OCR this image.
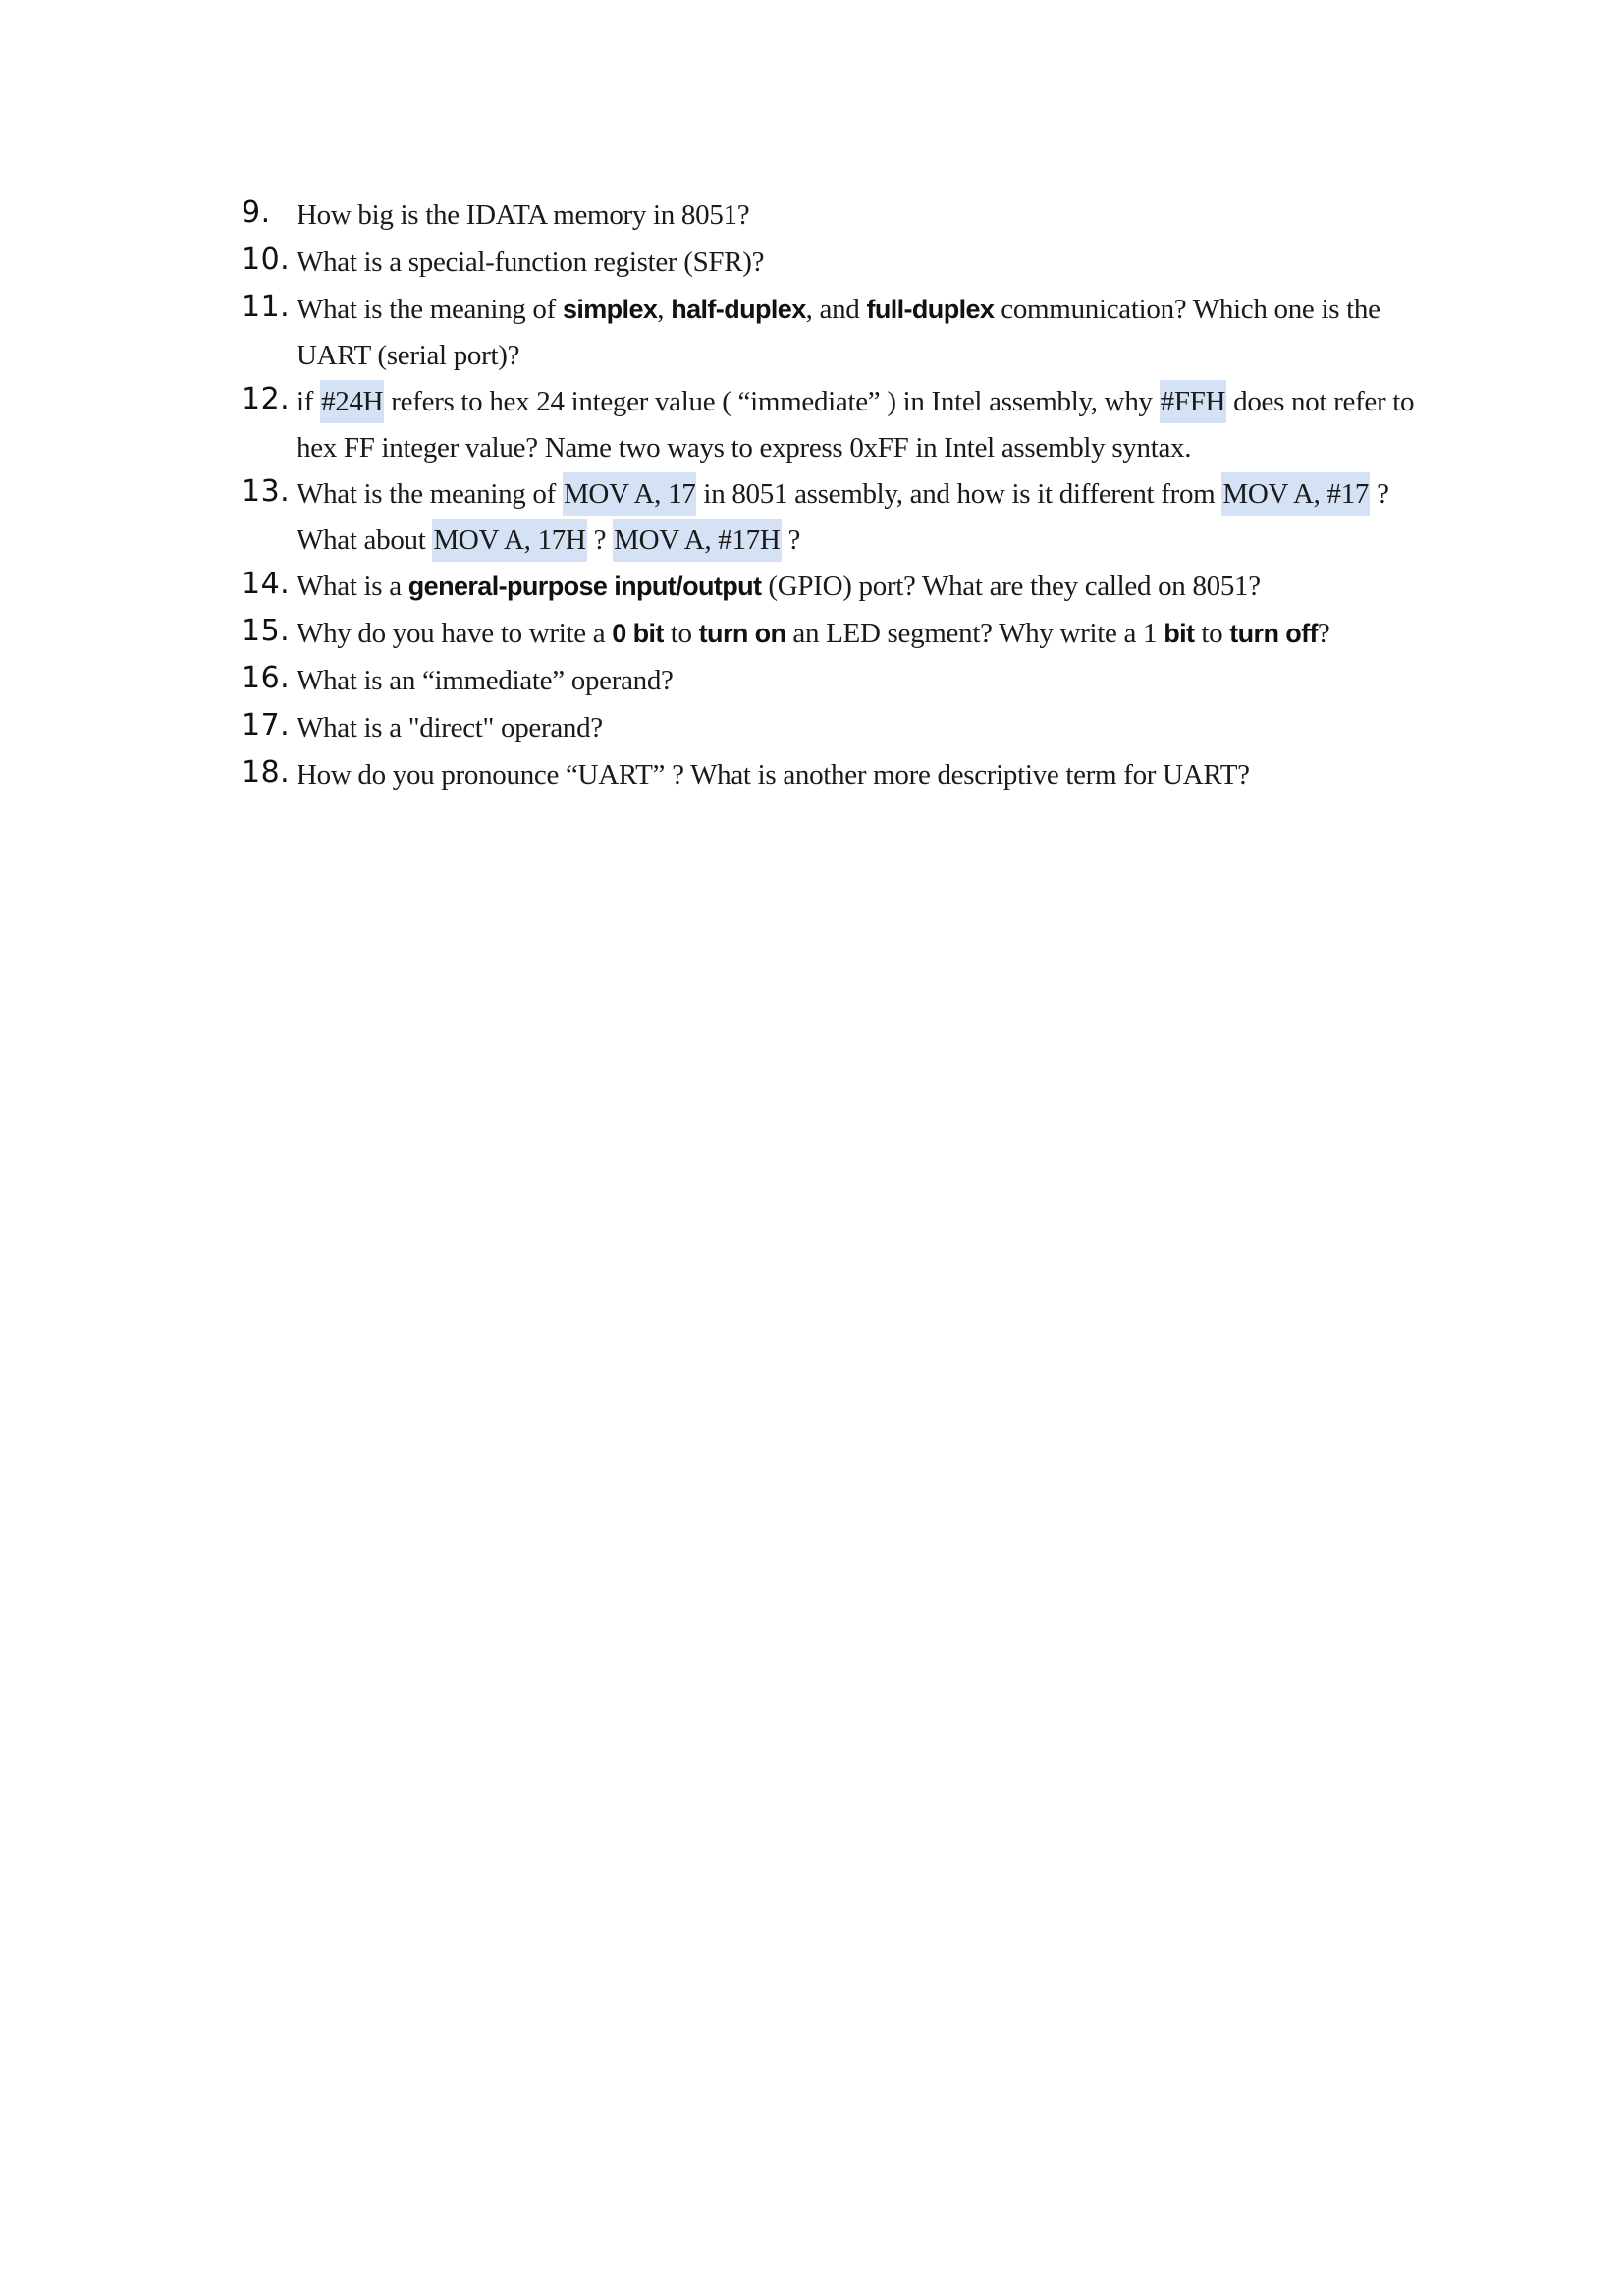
9. How big is the IDATA memory in 8051?
10. What is a special-function register (SFR)?
11. What is the meaning of simplex, half-duplex, and full-duplex communication? Which one is the UART (serial port)?
12. if #24H refers to hex 24 integer value ( “immediate” ) in Intel assembly, why #FFH does not refer to hex FF integer value? Name two ways to express 0xFF in Intel assembly syntax.
13. What is the meaning of MOV A, 17 in 8051 assembly, and how is it different from MOV A, #17 ? What about MOV A, 17H ? MOV A, #17H ?
14. What is a general-purpose input/output (GPIO) port? What are they called on 8051?
15. Why do you have to write a 0 bit to turn on an LED segment? Why write a 1 bit to turn off?
16. What is an “immediate” operand?
17. What is a "direct" operand?
18. How do you pronounce “UART” ? What is another more descriptive term for UART?
